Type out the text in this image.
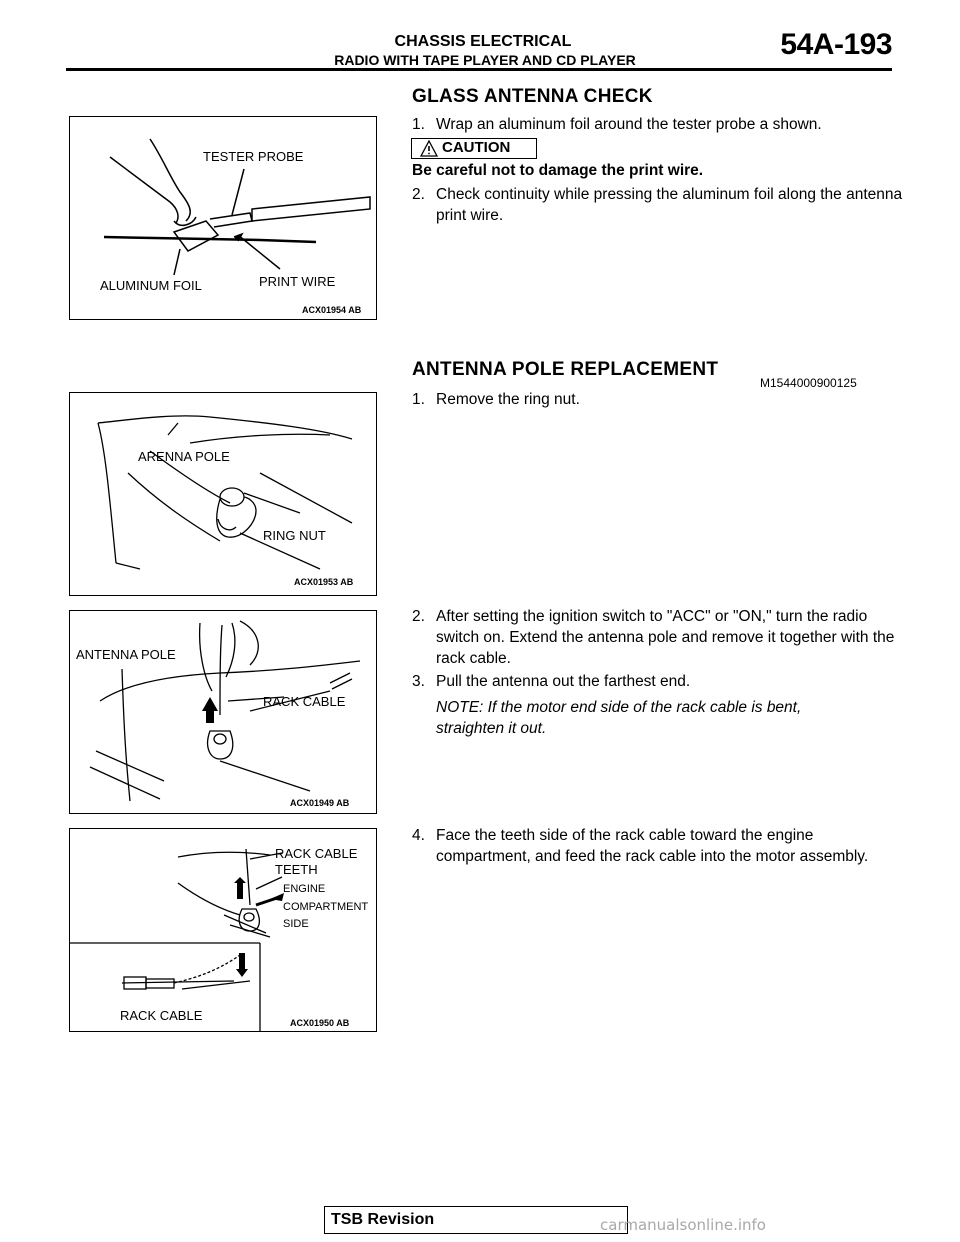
CHASSIS ELECTRICAL
RADIO WITH TAPE PLAYER AND CD PLAYER	54A-193
GLASS ANTENNA CHECK
1. Wrap an aluminum foil around the tester probe a shown.
CAUTION
Be careful not to damage the print wire.
2. Check continuity while pressing the aluminum foil along the antenna print wire.
TESTER PROBE
ALUMINUM FOIL	PRINT WIRE
ACX01954 AB
ANTENNA POLE REPLACEMENT
M1544000900125
1. Remove the ring nut.
ARENNA POLE
RING NUT
ACX01953 AB
2. After setting the ignition switch to "ACC" or "ON," turn the radio switch on. Extend the antenna pole and remove it together with the rack cable.
3. Pull the antenna out the farthest end.
NOTE: If the motor end side of the rack cable is bent, straighten it out.
ANTENNA POLE
RACK CABLE
ACX01949 AB
4. Face the teeth side of the rack cable toward the engine compartment, and feed the rack cable into the motor assembly.
RACK CABLE
TEETH
ENGINE
COMPARTMENT
SIDE
RACK CABLE	ACX01950 AB
TSB Revision	carmanualsonline.info
